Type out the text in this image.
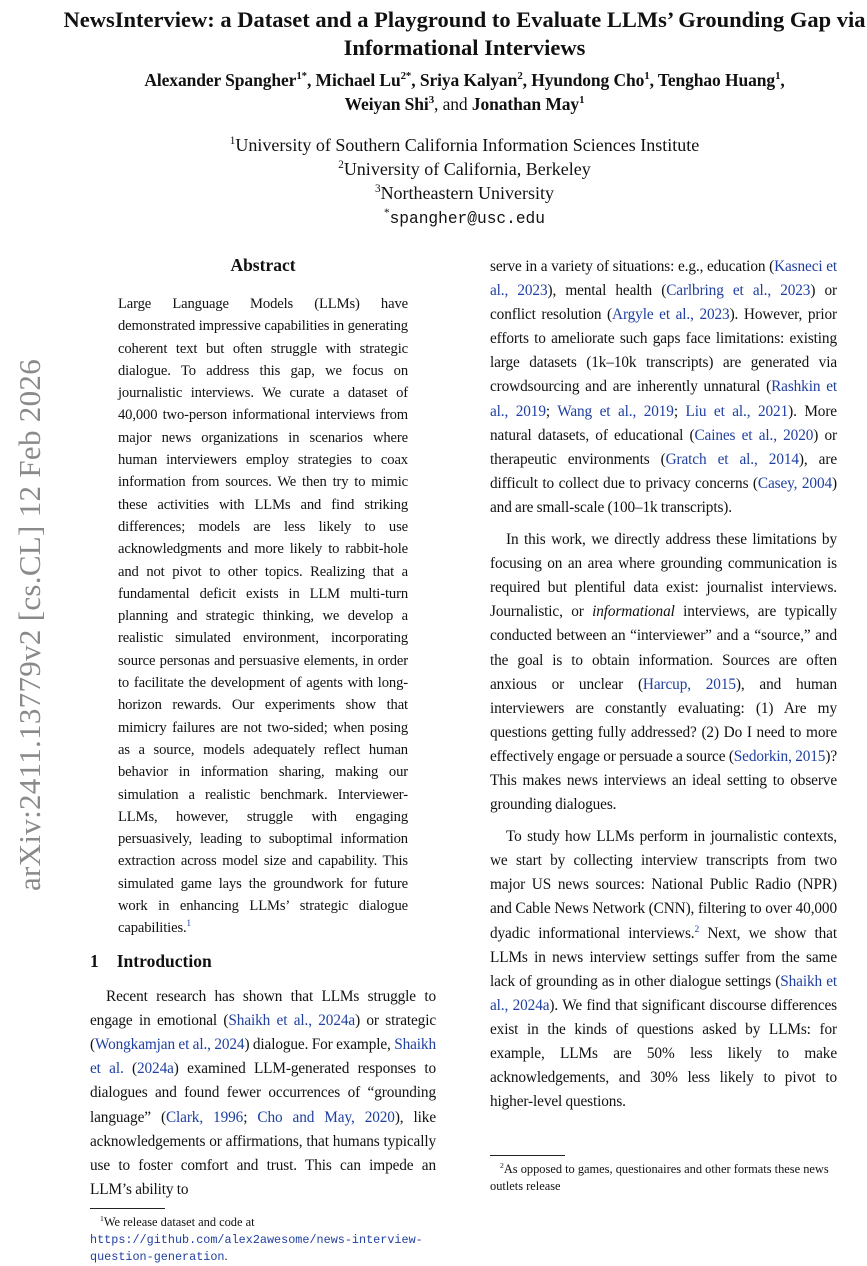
arXiv:2411.13779v2 [cs.CL] 12 Feb 2026
NewsInterview: a Dataset and a Playground to Evaluate LLMs’ Grounding Gap via Informational Interviews
Alexander Spangher$^{1*}$, Michael $Lu^{2*}$, Sriya Kalyan$^2$, Hyundong Cho$^1$, Tenghao Huang$^1$,
Weiyan Shi$^3$, and Jonathan May$^1$
$^1$University of Southern California Information Sciences Institute
$^2$University of California, Berkeley
$^3$Northeastern University
*spangher@usc.edu
Abstract
Large Language Models (LLMs) have demonstrated impressive capabilities in generating coherent text but often struggle with strategic dialogue. To address this gap, we focus on journalistic interviews. We curate a dataset of 40,000 two-person informational interviews from major news organizations in scenarios where human interviewers employ strategies to coax information from sources. We then try to mimic these activities with LLMs and find striking differences; models are less likely to use acknowledgments and more likely to rabbit-hole and not pivot to other topics. Realizing that a fundamental deficit exists in LLM multi-turn planning and strategic thinking, we develop a realistic simulated environment, incorporating source personas and persuasive elements, in order to facilitate the development of agents with long-horizon rewards. Our experiments show that mimicry failures are not two-sided; when posing as a source, models adequately reflect human behavior in information sharing, making our simulation a realistic benchmark. Interviewer-LLMs, however, struggle with engaging persuasively, leading to suboptimal information extraction across model size and capability. This simulated game lays the groundwork for future work in enhancing LLMs’ strategic dialogue capabilities.$^1$
1 Introduction

Recent research has shown that LLMs struggle to engage in emotional (Shaikh et al., 2024a) or strategic (Wongkamjan et al., 2024) dialogue. For example, Shaikh et al. (2024a) examined LLM-generated responses to dialogues and found fewer occurrences of “grounding language” (Clark, 1996; Cho and May, 2020), like acknowledgements or affirmations, that humans typically use to foster comfort and trust. This can impede an LLM’s ability to

$^1$We release dataset and code at https://github.com/alex2awesome/news-interview-question-generation.

serve in a variety of situations: e.g., education (Kasneci et al., 2023), mental health (Carlbring et al., 2023) or conflict resolution (Argyle et al., 2023). However, prior efforts to ameliorate such gaps face limitations: existing large datasets (1k–10k transcripts) are generated via crowdsourcing and are inherently unnatural (Rashkin et al., 2019; Wang et al., 2019; Liu et al., 2021). More natural datasets, of educational (Caines et al., 2020) or therapeutic environments (Gratch et al., 2014), are difficult to collect due to privacy concerns (Casey, 2004) and are small-scale (100–1k transcripts).

In this work, we directly address these limitations by focusing on an area where grounding communication is required but plentiful data exist: journalist interviews. Journalistic, or informational interviews, are typically conducted between an “interviewer” and a “source,” and the goal is to obtain information. Sources are often anxious or unclear (Harcup, 2015), and human interviewers are constantly evaluating: (1) Are my questions getting fully addressed? (2) Do I need to more effectively engage or persuade a source (Sedorkin, 2015)? This makes news interviews an ideal setting to observe grounding dialogues.

To study how LLMs perform in journalistic contexts, we start by collecting interview transcripts from two major US news sources: National Public Radio (NPR) and Cable News Network (CNN), filtering to over 40,000 dyadic informational interviews.$^2$ Next, we show that LLMs in news interview settings suffer from the same lack of grounding as in other dialogue settings (Shaikh et al., 2024a). We find that significant discourse differences exist in the kinds of questions asked by LLMs: for example, LLMs are 50% less likely to make acknowledgements, and 30% less likely to pivot to higher-level questions.

$^2$As opposed to games, questionaires and other formats these news outlets release
